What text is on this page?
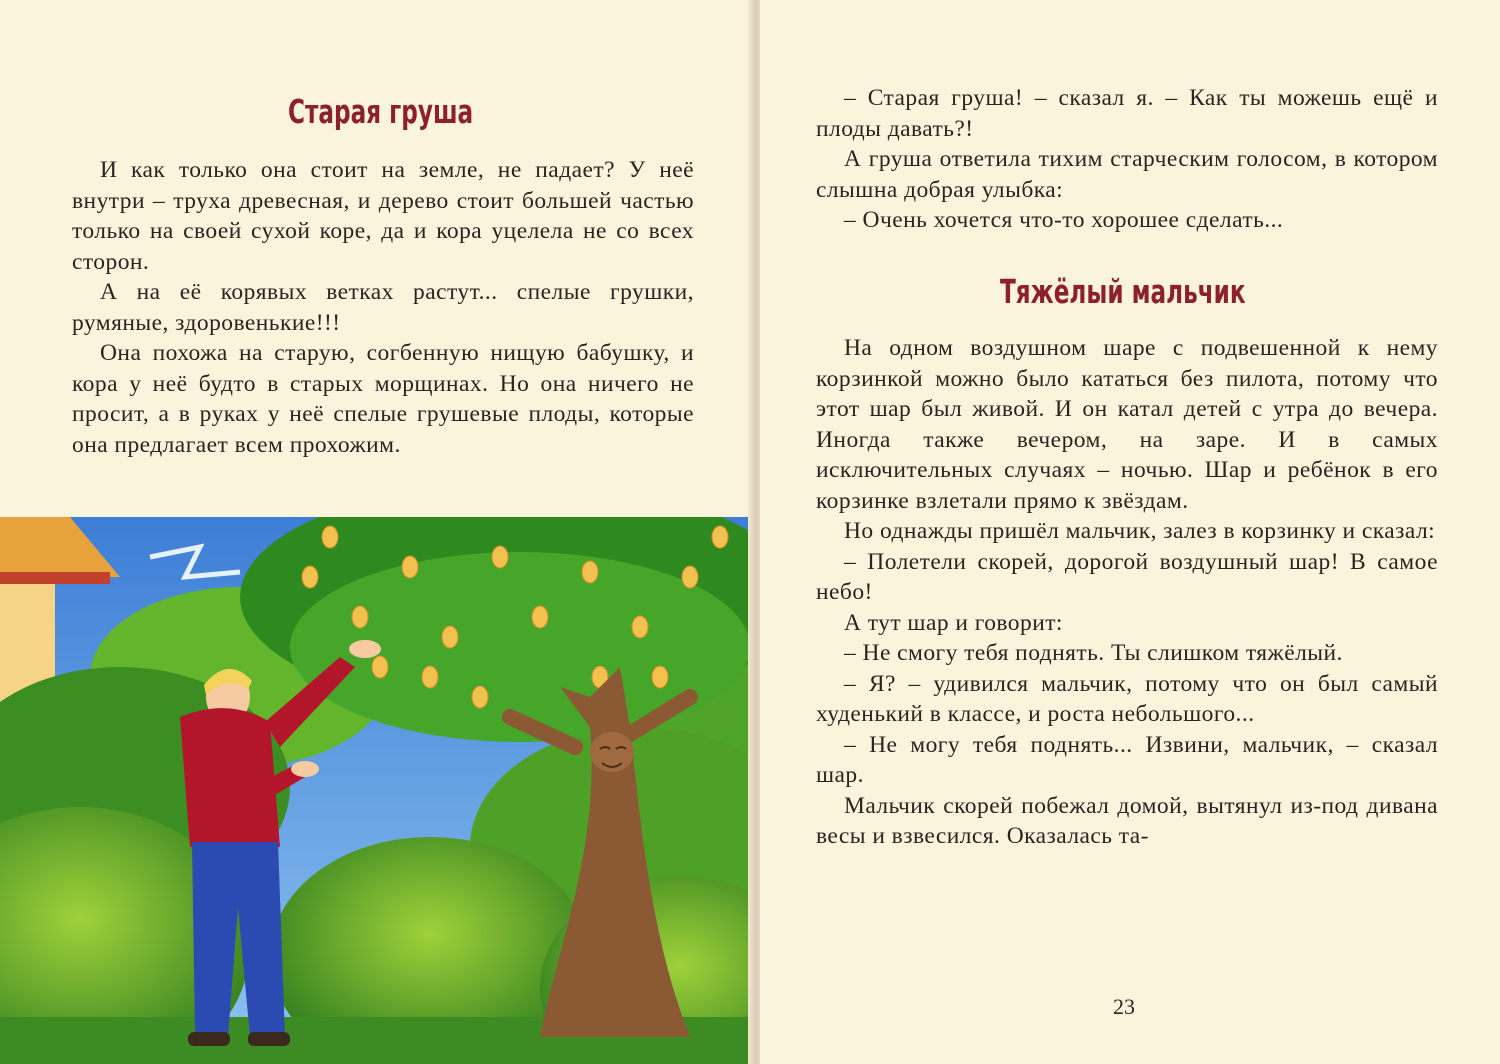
Старая груша

И как только она стоит на земле, не падает? У неё внутри – труха древесная, и дерево стоит большей частью только на своей сухой коре, да и кора уцелела не со всех сторон.

А на её корявых ветках растут... спелые грушки, румяные, здоровенькие!!!

Она похожа на старую, согбенную нищую бабушку, и кора у неё будто в старых морщинах. Но она ничего не просит, а в руках у неё спелые грушевые плоды, которые она предлагает всем прохожим.

– Старая груша! – сказал я. – Как ты можешь ещё и плоды давать?!

А груша ответила тихим старческим голосом, в котором слышна добрая улыбка:

– Очень хочется что-то хорошее сделать...

Тяжёлый мальчик

На одном воздушном шаре с подвешенной к нему корзинкой можно было кататься без пилота, потому что этот шар был живой. И он катал детей с утра до вечера. Иногда также вечером, на заре. И в самых исключительных случаях – ночью. Шар и ребёнок в его корзинке взлетали прямо к звёздам.

Но однажды пришёл мальчик, залез в корзинку и сказал:

– Полетели скорей, дорогой воздушный шар! В самое небо!

А тут шар и говорит:

– Не смогу тебя поднять. Ты слишком тяжёлый.

– Я? – удивился мальчик, потому что он был самый худенький в классе, и роста небольшого...

– Не могу тебя поднять... Извини, мальчик, – сказал шар.

Мальчик скорей побежал домой, вытянул из-под дивана весы и взвесился. Оказалась та-

23
